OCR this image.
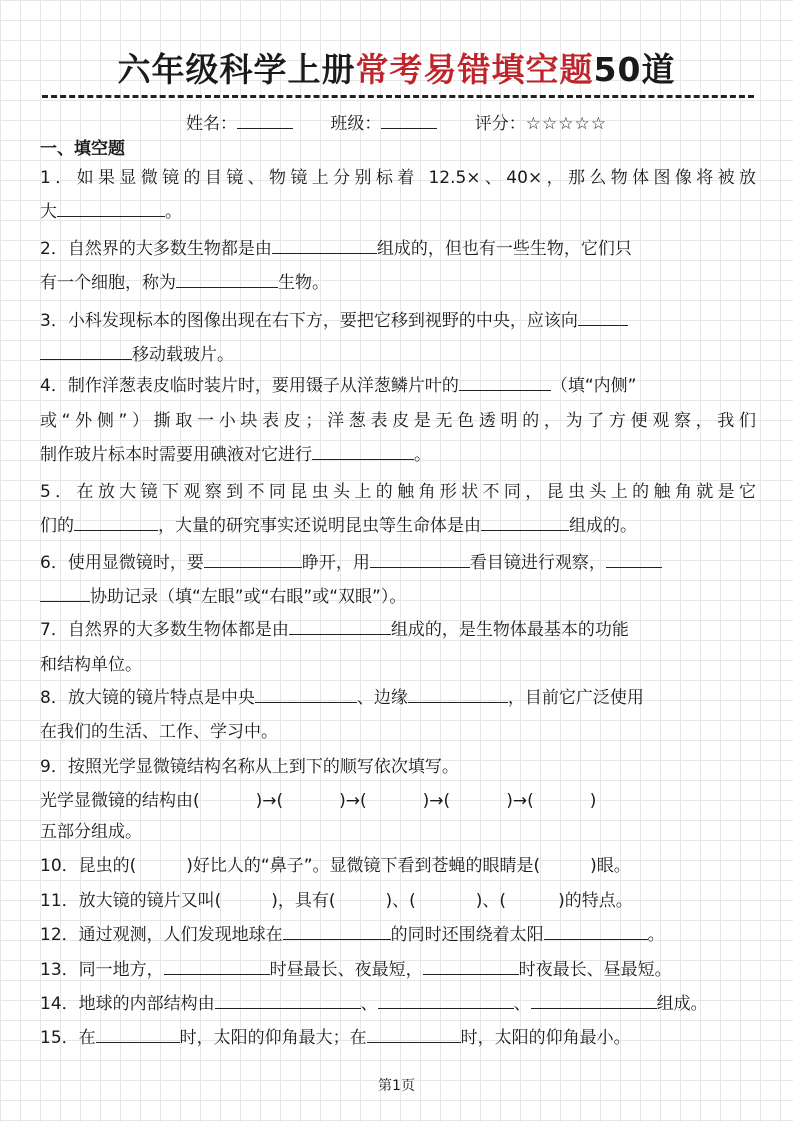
六年级科学上册常考易错填空题50道
姓名：	班级：	评分：☆☆☆☆☆
一、填空题
1．如果显微镜的目镜、物镜上分别标着 12.5×、40×，那么物体图像将被放
大	。
2．自然界的大多数生物都是由	组成的，但也有一些生物，它们只
有一个细胞，称为	生物。
3．小科发现标本的图像出现在右下方，要把它移到视野的中央，应该向
移动载玻片。
4．制作洋葱表皮临时装片时，要用镊子从洋葱鳞片叶的	（填“内侧”
或“外侧”）撕取一小块表皮；洋葱表皮是无色透明的，为了方便观察，我们
制作玻片标本时需要用碘液对它进行	。
5．在放大镜下观察到不同昆虫头上的触角形状不同，昆虫头上的触角就是它
们的	，大量的研究事实还说明昆虫等生命体是由	组成的。
6．使用显微镜时，要	睁开，用	看目镜进行观察，
协助记录（填“左眼”或“右眼”或“双眼”）。
7．自然界的大多数生物体都是由	组成的，是生物体最基本的功能
和结构单位。
8．放大镜的镜片特点是中央	、边缘	，目前它广泛使用
在我们的生活、工作、学习中。
9．按照光学显微镜结构名称从上到下的顺写依次填写。
光学显微镜的结构由(	)→(	)→(	)→(	)→(	)
五部分组成。
10．昆虫的(	)好比人的“鼻子”。显微镜下看到苍蝇的眼睛是(	)眼。
11．放大镜的镜片又叫(	)，具有(	)、(	)、(	)的特点。
12．通过观测，人们发现地球在	的同时还围绕着太阳	。
13．同一地方，	时昼最长、夜最短，	时夜最长、昼最短。
14．地球的内部结构由	、	、	组成。
15．在	时，太阳的仰角最大；在	时，太阳的仰角最小。
第1页
